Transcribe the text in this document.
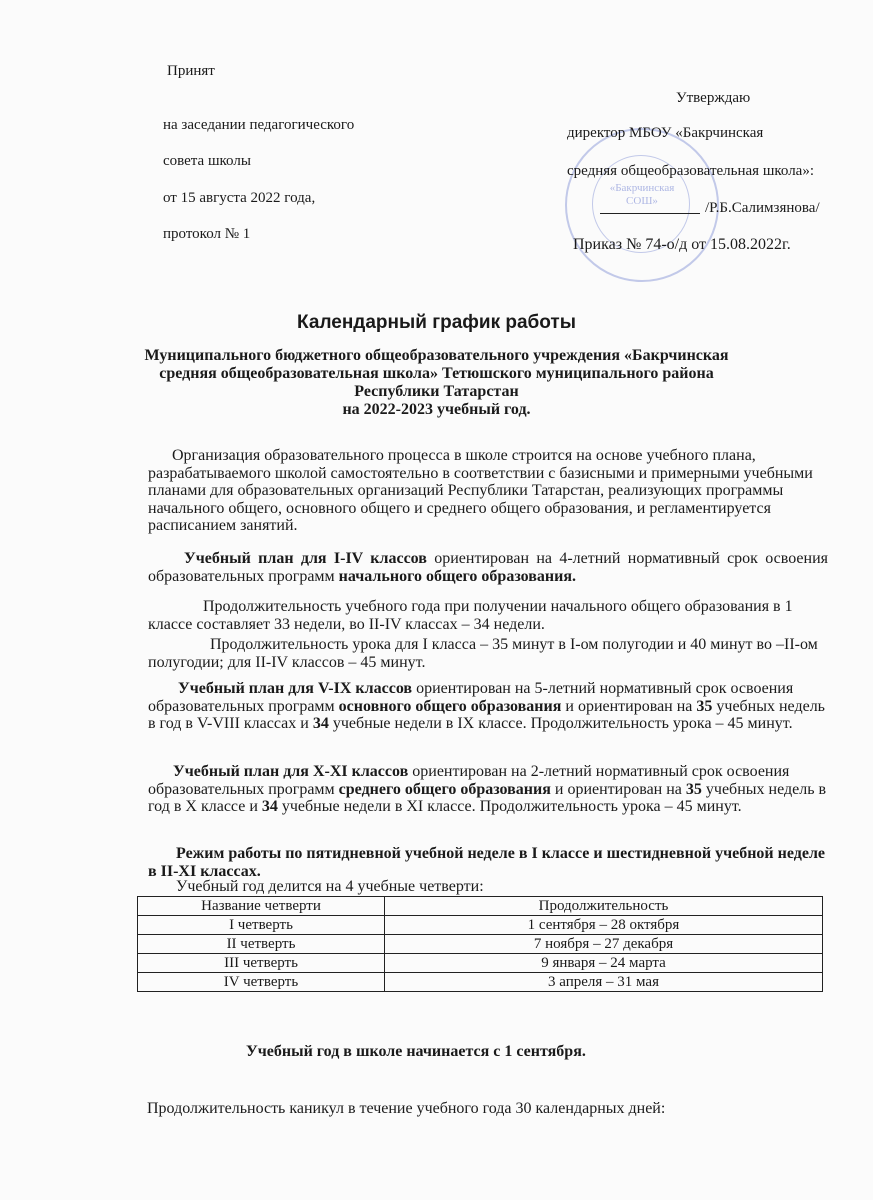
Принят
на заседании педагогического
совета школы
от 15 августа 2022 года,
протокол № 1
«Бакрчинская СОШ»
Утверждаю
директор МБОУ «Бакрчинская
средняя общеобразовательная школа»:
/Р.Б.Салимзянова/
Приказ № 74-о/д от 15.08.2022г.
Календарный график работы
Муниципального бюджетного общеобразовательного учреждения «Бакрчинская
средняя общеобразовательная школа» Тетюшского муниципального района
Республики Татарстан
на 2022-2023 учебный год.
Организация образовательного процесса в школе строится на основе учебного плана, разрабатываемого школой самостоятельно в соответствии с базисными и примерными учебными планами для образовательных организаций Республики Татарстан, реализующих программы начального общего, основного общего и среднего общего образования, и регламентируется расписанием занятий.
Учебный план для I-IV классов ориентирован на 4-летний нормативный срок освоения образовательных программ начального общего образования.
Продолжительность учебного года при получении начального общего образования в 1 классе составляет 33 недели, во II-IV классах – 34 недели.
Продолжительность урока для I класса – 35 минут в I-ом полугодии и 40 минут во –II-ом полугодии; для II-IV классов – 45 минут.
Учебный план для V-IX классов ориентирован на 5-летний нормативный срок освоения образовательных программ основного общего образования и ориентирован на 35 учебных недель в год в V-VIII классах и 34 учебные недели в IX классе. Продолжительность урока – 45 минут.
Учебный план для X-XI классов ориентирован на 2-летний нормативный срок освоения образовательных программ среднего общего образования и ориентирован на 35 учебных недель в год в X классе и 34 учебные недели в XI классе. Продолжительность урока – 45 минут.
Режим работы по пятидневной учебной неделе в I классе и шестидневной учебной неделе в II-XI классах.
Учебный год делится на 4 учебные четверти:
Название четверти	Продолжительность
I четверть	1 сентября – 28 октября
II четверть	7 ноября – 27 декабря
III четверть	9 января – 24 марта
IV четверть	3 апреля – 31 мая
Учебный год в школе начинается с 1 сентября.
Продолжительность каникул в течение учебного года 30 календарных дней:
